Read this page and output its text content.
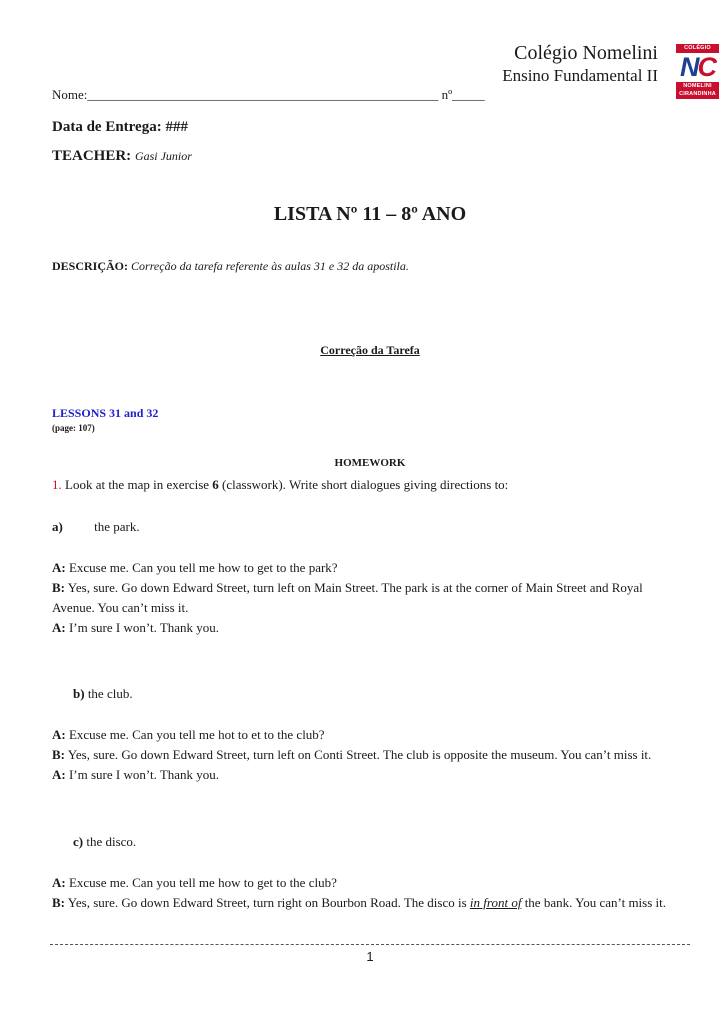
Colégio Nomelini
Ensino Fundamental II
COLÉGIO
NC
NOMELINI
CIRANDINHA
Nome:______________________________________________________ nº_____
Data de Entrega: ###
TEACHER: Gasi Junior
LISTA Nº 11 – 8º ANO
DESCRIÇÃO: Correção da tarefa referente às aulas 31 e 32 da apostila.
Correção da Tarefa
LESSONS 31 and 32
(page: 107)
HOMEWORK
1. Look at the map in exercise 6 (classwork). Write short dialogues giving directions to:
a) the park.
A: Excuse me. Can you tell me how to get to the park?
B: Yes, sure. Go down Edward Street, turn left on Main Street. The park is at the corner of Main Street and Royal Avenue. You can’t miss it.
A: I’m sure I won’t. Thank you.
b) the club.
A: Excuse me. Can you tell me hot to et to the club?
B: Yes, sure. Go down Edward Street, turn left on Conti Street. The club is opposite the museum. You can’t miss it.
A: I’m sure I won’t. Thank you.
c) the disco.
A: Excuse me. Can you tell me how to get to the club?
B: Yes, sure. Go down Edward Street, turn right on Bourbon Road. The disco is in front of the bank. You can’t miss it.
1
